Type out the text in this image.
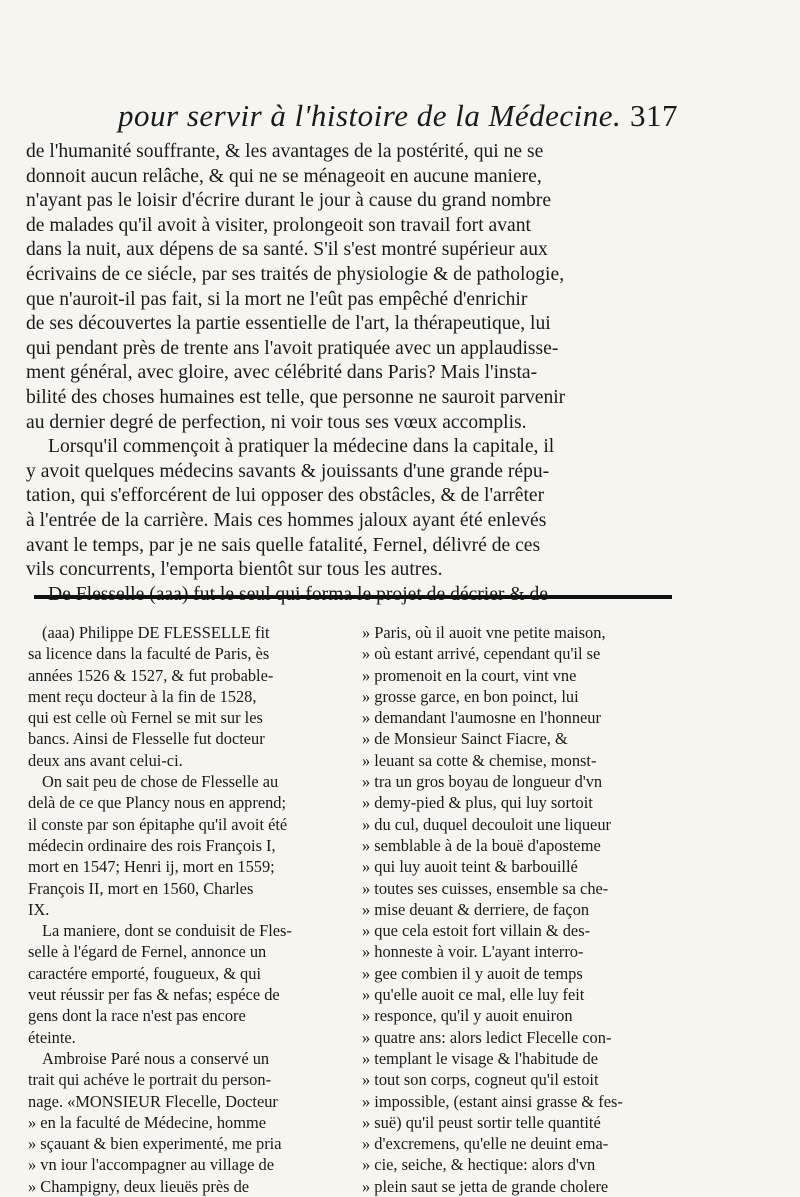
pour servir à l'histoire de la Médecine. 317
de l'humanité souffrante, & les avantages de la postérité, qui ne se
donnoit aucun relâche, & qui ne se ménageoit en aucune maniere,
n'ayant pas le loisir d'écrire durant le jour à cause du grand nombre
de malades qu'il avoit à visiter, prolongeoit son travail fort avant
dans la nuit, aux dépens de sa santé. S'il s'est montré supérieur aux
écrivains de ce siécle, par ses traités de physiologie & de pathologie,
que n'auroit-il pas fait, si la mort ne l'eût pas empêché d'enrichir
de ses découvertes la partie essentielle de l'art, la thérapeutique, lui
qui pendant près de trente ans l'avoit pratiquée avec un applaudisse-
ment général, avec gloire, avec célébrité dans Paris? Mais l'insta-
bilité des choses humaines est telle, que personne ne sauroit parvenir
au dernier degré de perfection, ni voir tous ses vœux accomplis.
Lorsqu'il commençoit à pratiquer la médecine dans la capitale, il
y avoit quelques médecins savants & jouissants d'une grande répu-
tation, qui s'efforcérent de lui opposer des obstâcles, & de l'arrêter
à l'entrée de la carrière. Mais ces hommes jaloux ayant été enlevés
avant le temps, par je ne sais quelle fatalité, Fernel, délivré de ces
vils concurrents, l'emporta bientôt sur tous les autres.
(aaa) Philippe DE FLESSELLE fit
sa licence dans la faculté de Paris, ès
années 1526 & 1527, & fut probable-
ment reçu docteur à la fin de 1528,
qui est celle où Fernel se mit sur les
bancs. Ainsi de Flesselle fut docteur
deux ans avant celui-ci.
On sait peu de chose de Flesselle au
delà de ce que Plancy nous en apprend;
il conste par son épitaphe qu'il avoit été
médecin ordinaire des rois François I,
mort en 1547; Henri ij, mort en 1559;
François II, mort en 1560, Charles
IX.
La maniere, dont se conduisit de Fles-
selle à l'égard de Fernel, annonce un
caractére emporté, fougueux, & qui
veut réussir per fas & nefas; espéce de
gens dont la race n'est pas encore
éteinte.
Ambroise Paré nous a conservé un
trait qui achéve le portrait du person-
nage. «MONSIEUR Flecelle, Docteur
» en la faculté de Médecine, homme
» sçauant & bien experimenté, me pria
» vn iour l'accompagner au village de
» Champigny, deux lieuës près de
» Paris, où il auoit vne petite maison,
» où estant arrivé, cependant qu'il se
» promenoit en la court, vint vne
» grosse garce, en bon poinct, lui
» demandant l'aumosne en l'honneur
» de Monsieur Sainct Fiacre, &
» leuant sa cotte & chemise, monst-
» tra un gros boyau de longueur d'vn
» demy-pied & plus, qui luy sortoit
» du cul, duquel decouloit une liqueur
» semblable à de la bouë d'aposteme
» qui luy auoit teint & barbouillé
» toutes ses cuisses, ensemble sa che-
» mise deuant & derriere, de façon
» que cela estoit fort villain & des-
» honneste à voir. L'ayant interro-
» gee combien il y auoit de temps
» qu'elle auoit ce mal, elle luy feit
» responce, qu'il y auoit enuiron
» quatre ans: alors ledict Flecelle con-
» templant le visage & l'habitude de
» tout son corps, cogneut qu'il estoit
» impossible, (estant ainsi grasse & fes-
» suë) qu'il peust sortir telle quantité
» d'excremens, qu'elle ne deuint ema-
» cie, seiche, & hectique: alors d'vn
» plein saut se jetta de grande cholere
